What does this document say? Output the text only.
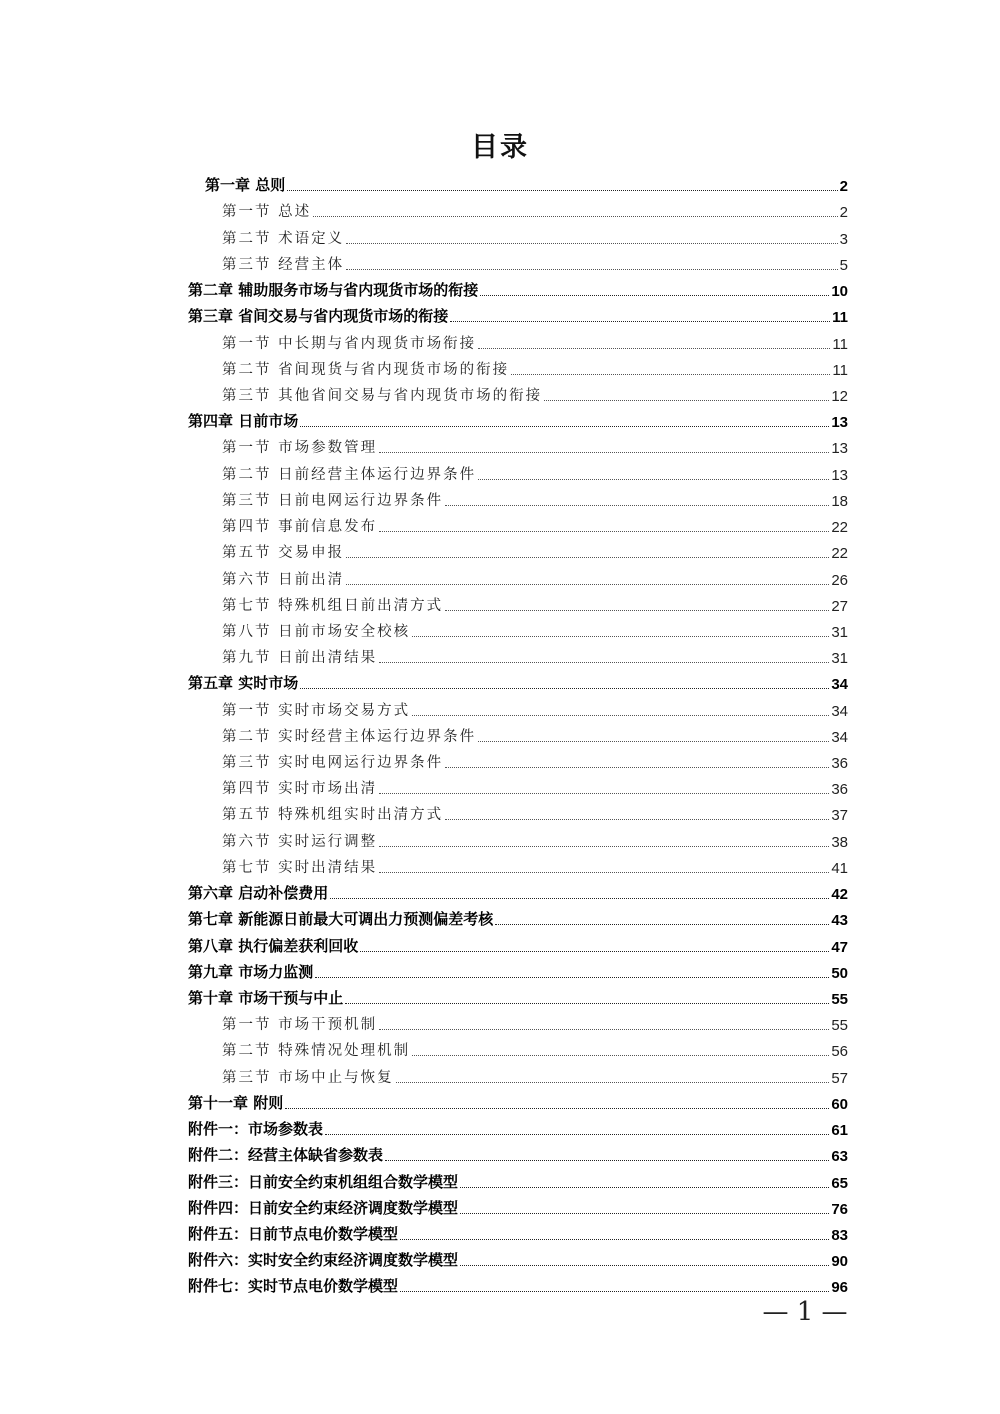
目录
第一章 总则	2
第一节 总述	2
第二节 术语定义	3
第三节 经营主体	5
第二章 辅助服务市场与省内现货市场的衔接	10
第三章 省间交易与省内现货市场的衔接	11
第一节 中长期与省内现货市场衔接	11
第二节 省间现货与省内现货市场的衔接	11
第三节 其他省间交易与省内现货市场的衔接	12
第四章 日前市场	13
第一节 市场参数管理	13
第二节 日前经营主体运行边界条件	13
第三节 日前电网运行边界条件	18
第四节 事前信息发布	22
第五节 交易申报	22
第六节 日前出清	26
第七节 特殊机组日前出清方式	27
第八节 日前市场安全校核	31
第九节 日前出清结果	31
第五章 实时市场	34
第一节 实时市场交易方式	34
第二节 实时经营主体运行边界条件	34
第三节 实时电网运行边界条件	36
第四节 实时市场出清	36
第五节 特殊机组实时出清方式	37
第六节 实时运行调整	38
第七节 实时出清结果	41
第六章 启动补偿费用	42
第七章 新能源日前最大可调出力预测偏差考核	43
第八章 执行偏差获利回收	47
第九章 市场力监测	50
第十章 市场干预与中止	55
第一节 市场干预机制	55
第二节 特殊情况处理机制	56
第三节 市场中止与恢复	57
第十一章 附则	60
附件一：市场参数表	61
附件二：经营主体缺省参数表	63
附件三：日前安全约束机组组合数学模型	65
附件四：日前安全约束经济调度数学模型	76
附件五：日前节点电价数学模型	83
附件六：实时安全约束经济调度数学模型	90
附件七：实时节点电价数学模型	96
— 1 —
